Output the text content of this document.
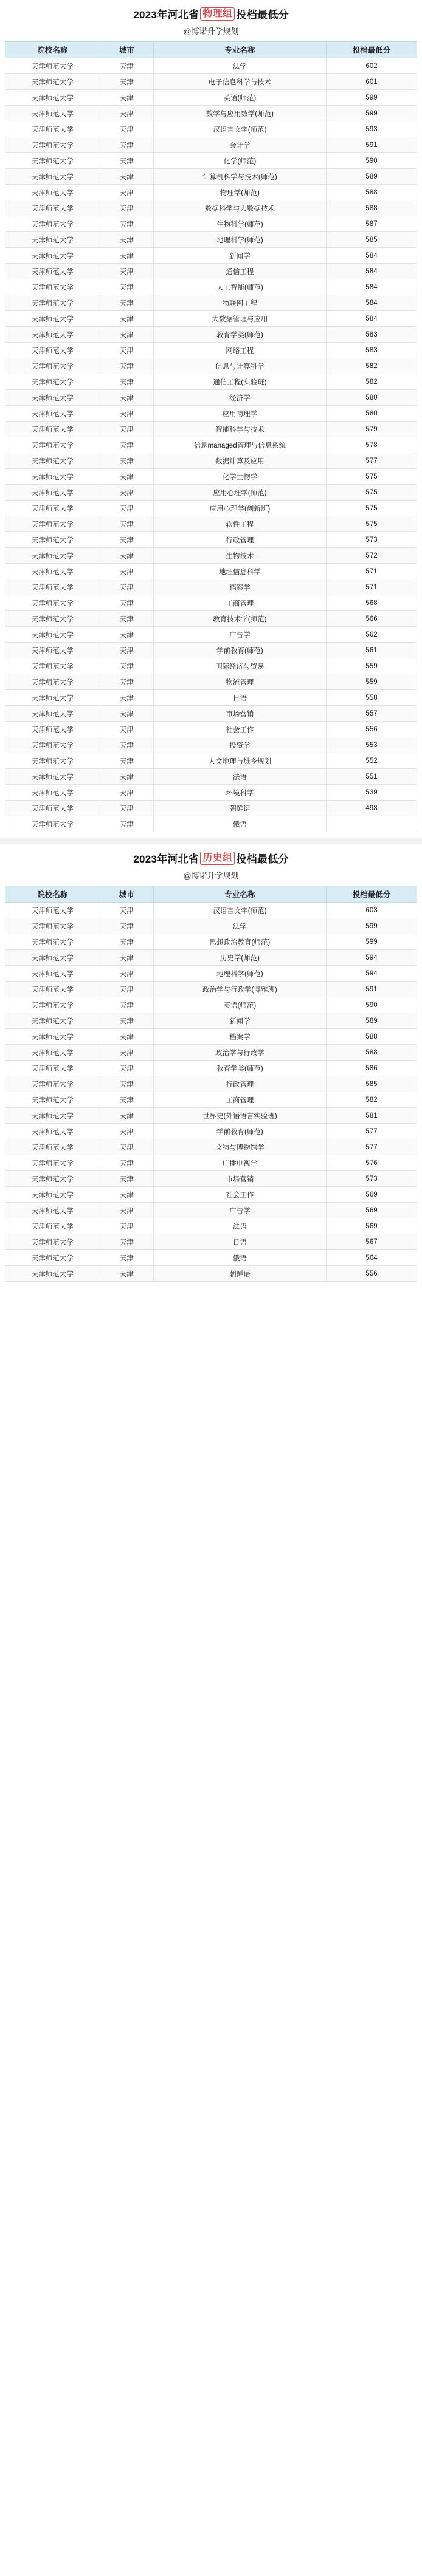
2023年河北省 物理组 投档最低分
@博诺升学规划
院校名称	城市	专业名称	投档最低分
天津师范大学	天津	法学	602
天津师范大学	天津	电子信息科学与技术	601
天津师范大学	天津	英语(师范)	599
天津师范大学	天津	数学与应用数学(师范)	599
天津师范大学	天津	汉语言文学(师范)	593
天津师范大学	天津	会计学	591
天津师范大学	天津	化学(师范)	590
天津师范大学	天津	计算机科学与技术(师范)	589
天津师范大学	天津	物理学(师范)	588
天津师范大学	天津	数据科学与大数据技术	588
天津师范大学	天津	生物科学(师范)	587
天津师范大学	天津	地理科学(师范)	585
天津师范大学	天津	新闻学	584
天津师范大学	天津	通信工程	584
天津师范大学	天津	人工智能(师范)	584
天津师范大学	天津	物联网工程	584
天津师范大学	天津	大数据管理与应用	584
天津师范大学	天津	教育学类(师范)	583
天津师范大学	天津	网络工程	583
天津师范大学	天津	信息与计算科学	582
天津师范大学	天津	通信工程(实验班)	582
天津师范大学	天津	经济学	580
天津师范大学	天津	应用物理学	580
天津师范大学	天津	智能科学与技术	579
天津师范大学	天津	信息managed管理与信息系统	578
天津师范大学	天津	数据计算及应用	577
天津师范大学	天津	化学生物学	575
天津师范大学	天津	应用心理学(师范)	575
天津师范大学	天津	应用心理学(创新班)	575
天津师范大学	天津	软件工程	575
天津师范大学	天津	行政管理	573
天津师范大学	天津	生物技术	572
天津师范大学	天津	地理信息科学	571
天津师范大学	天津	档案学	571
天津师范大学	天津	工商管理	568
天津师范大学	天津	教育技术学(师范)	566
天津师范大学	天津	广告学	562
天津师范大学	天津	学前教育(师范)	561
天津师范大学	天津	国际经济与贸易	559
天津师范大学	天津	物流管理	559
天津师范大学	天津	日语	558
天津师范大学	天津	市场营销	557
天津师范大学	天津	社会工作	556
天津师范大学	天津	投资学	553
天津师范大学	天津	人文地理与城乡规划	552
天津师范大学	天津	法语	551
天津师范大学	天津	环境科学	539
天津师范大学	天津	朝鲜语	498
天津师范大学	天津	俄语	
2023年河北省 历史组 投档最低分
@博诺升学规划
院校名称	城市	专业名称	投档最低分
天津师范大学	天津	汉语言文学(师范)	603
天津师范大学	天津	法学	599
天津师范大学	天津	思想政治教育(师范)	599
天津师范大学	天津	历史学(师范)	594
天津师范大学	天津	地理科学(师范)	594
天津师范大学	天津	政治学与行政学(博雅班)	591
天津师范大学	天津	英语(师范)	590
天津师范大学	天津	新闻学	589
天津师范大学	天津	档案学	588
天津师范大学	天津	政治学与行政学	588
天津师范大学	天津	教育学类(师范)	586
天津师范大学	天津	行政管理	585
天津师范大学	天津	工商管理	582
天津师范大学	天津	世界史(外语语言实验班)	581
天津师范大学	天津	学前教育(师范)	577
天津师范大学	天津	文物与博物馆学	577
天津师范大学	天津	广播电视学	576
天津师范大学	天津	市场营销	573
天津师范大学	天津	社会工作	569
天津师范大学	天津	广告学	569
天津师范大学	天津	法语	569
天津师范大学	天津	日语	567
天津师范大学	天津	俄语	564
天津师范大学	天津	朝鲜语	556
